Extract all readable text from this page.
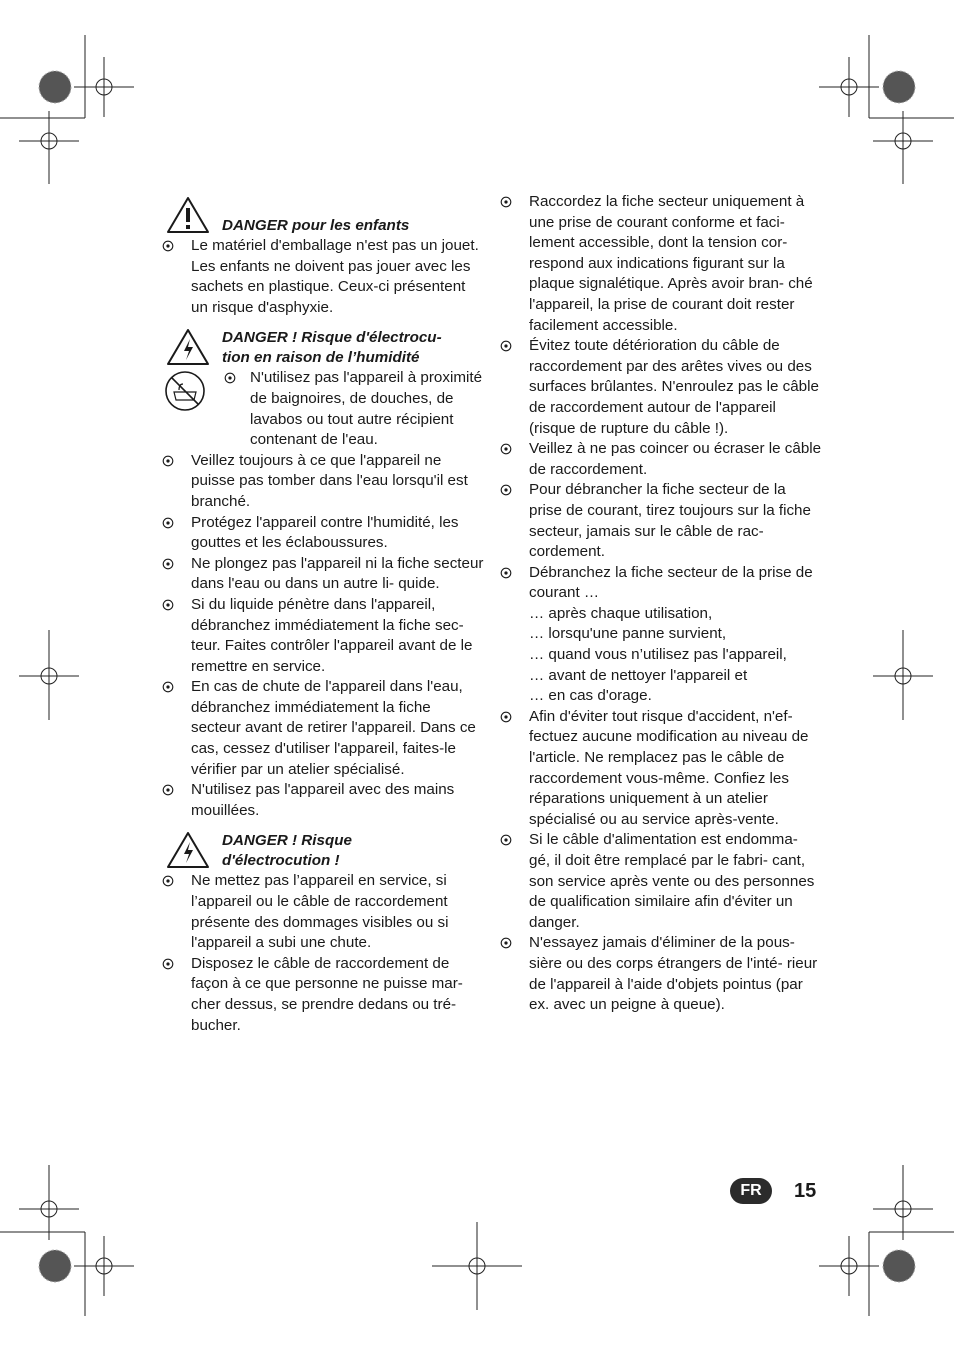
DANGER pour les enfants
Le matériel d'emballage n'est pas un jouet. Les enfants ne doivent pas jouer avec les sachets en plastique. Ceux-ci présentent un risque d'asphyxie.
DANGER ! Risque d'électrocu-
tion en raison de l’humidité
N'utilisez pas l'appareil à proximité de baignoires, de douches, de lavabos ou tout autre récipient contenant de l'eau.
Veillez toujours à ce que l'appareil ne puisse pas tomber dans l'eau lorsqu'il est branché.
Protégez l'appareil contre l'humidité, les gouttes et les éclaboussures.
Ne plongez pas l'appareil ni la fiche secteur dans l'eau ou dans un autre li- quide.
Si du liquide pénètre dans l'appareil, débranchez immédiatement la fiche sec- teur. Faites contrôler l'appareil avant de le remettre en service.
En cas de chute de l'appareil dans l'eau, débranchez immédiatement la fiche secteur avant de retirer l'appareil. Dans ce cas, cessez d'utiliser l'appareil, faites-le vérifier par un atelier spécialisé.
N'utilisez pas l'appareil avec des mains mouillées.
DANGER ! Risque
d'électrocution !
Ne mettez pas l’appareil en service, si l’appareil ou le câble de raccordement présente des dommages visibles ou si l'appareil a subi une chute.
Disposez le câble de raccordement de façon à ce que personne ne puisse mar- cher dessus, se prendre dedans ou tré- bucher.
Raccordez la fiche secteur uniquement à une prise de courant conforme et faci- lement accessible, dont la tension cor- respond aux indications figurant sur la plaque signalétique. Après avoir bran- ché l'appareil, la prise de courant doit rester facilement accessible.
Évitez toute détérioration du câble de raccordement par des arêtes vives ou des surfaces brûlantes. N'enroulez pas le câble de raccordement autour de l'appareil (risque de rupture du câble !).
Veillez à ne pas coincer ou écraser le câble de raccordement.
Pour débrancher la fiche secteur de la prise de courant, tirez toujours sur la fiche secteur, jamais sur le câble de rac- cordement.
Débranchez la fiche secteur de la prise de courant …
… après chaque utilisation,
… lorsqu'une panne survient,
… quand vous n’utilisez pas l'appareil,
… avant de nettoyer l'appareil et
… en cas d'orage.
Afin d'éviter tout risque d'accident, n'ef- fectuez aucune modification au niveau de l'article. Ne remplacez pas le câble de raccordement vous-même. Confiez les réparations uniquement à un atelier spécialisé ou au service après-vente.
Si le câble d'alimentation est endomma- gé, il doit être remplacé par le fabri- cant, son service après vente ou des personnes de qualification similaire afin d'éviter un danger.
N'essayez jamais d'éliminer de la pous- sière ou des corps étrangers de l'inté- rieur de l'appareil à l'aide d'objets pointus (par ex. avec un peigne à queue).
FR	15
